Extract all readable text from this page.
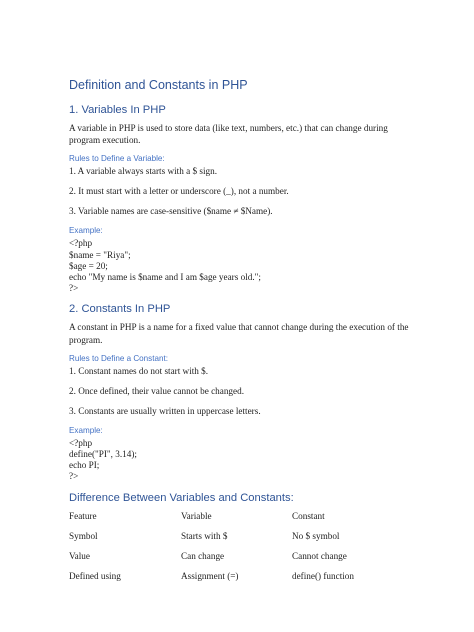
Definition and Constants in PHP
1. Variables In PHP

A variable in PHP is used to store data (like text, numbers, etc.) that can change during
program execution.

Rules to Define a Variable:
1. A variable always starts with a $ sign.
2. It must start with a letter or underscore (_), not a number.
3. Variable names are case-sensitive ($name ≠ $Name).
Example:
<?php
$name = "Riya";
$age = 20;
echo "My name is $name and I am $age years old.";
?>
2. Constants In PHP

A constant in PHP is a name for a fixed value that cannot change during the execution of the
program.

Rules to Define a Constant:
1. Constant names do not start with $.
2. Once defined, their value cannot be changed.
3. Constants are usually written in uppercase letters.
Example:
<?php
define("PI", 3.14);
echo PI;
?>
Difference Between Variables and Constants:
Feature	Variable	Constant
Symbol	Starts with $	No $ symbol
Value	Can change	Cannot change
Defined using	Assignment (=)	define() function
